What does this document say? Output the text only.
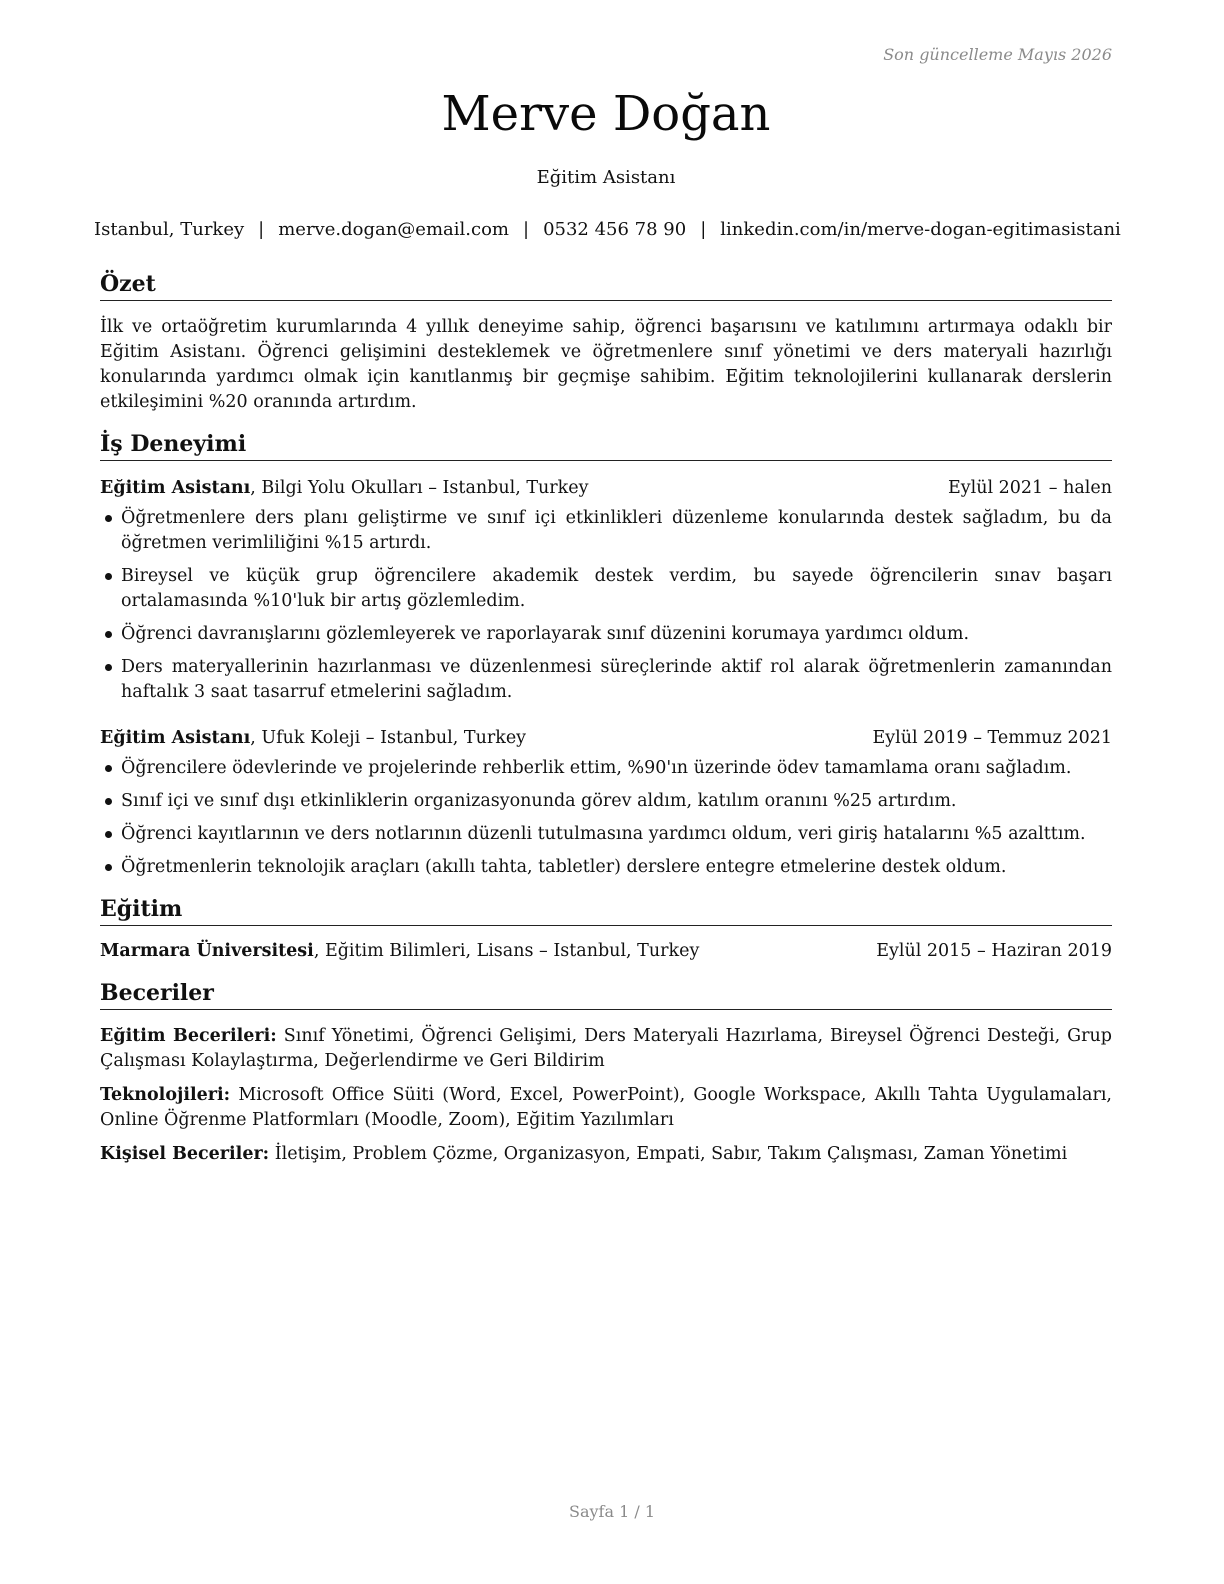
Son güncelleme Mayıs 2026
Merve Doğan
Eğitim Asistanı
Istanbul, Turkey | merve.dogan@email.com | 0532 456 78 90 | linkedin.com/in/merve-dogan-egitimasistani
Özet

İlk ve ortaöğretim kurumlarında 4 yıllık deneyime sahip, öğrenci başarısını ve katılımını artırmaya odaklı bir Eğitim Asistanı. Öğrenci gelişimini desteklemek ve öğretmenlere sınıf yönetimi ve ders materyali hazırlığı konularında yardımcı olmak için kanıtlanmış bir geçmişe sahibim. Eğitim teknolojilerini kullanarak derslerin etkileşimini %20 oranında artırdım.

İş Deneyimi
Eğitim Asistanı, Bilgi Yolu Okulları – Istanbul, Turkey	Eylül 2021 – halen
Öğretmenlere ders planı geliştirme ve sınıf içi etkinlikleri düzenleme konularında destek sağladım, bu da öğretmen verimliliğini %15 artırdı.
Bireysel ve küçük grup öğrencilere akademik destek verdim, bu sayede öğrencilerin sınav başarı ortalamasında %10'luk bir artış gözlemledim.
Öğrenci davranışlarını gözlemleyerek ve raporlayarak sınıf düzenini korumaya yardımcı oldum.
Ders materyallerinin hazırlanması ve düzenlenmesi süreçlerinde aktif rol alarak öğretmenlerin zamanından haftalık 3 saat tasarruf etmelerini sağladım.
Eğitim Asistanı, Ufuk Koleji – Istanbul, Turkey	Eylül 2019 – Temmuz 2021
Öğrencilere ödevlerinde ve projelerinde rehberlik ettim, %90'ın üzerinde ödev tamamlama oranı sağladım.
Sınıf içi ve sınıf dışı etkinliklerin organizasyonunda görev aldım, katılım oranını %25 artırdım.
Öğrenci kayıtlarının ve ders notlarının düzenli tutulmasına yardımcı oldum, veri giriş hatalarını %5 azalttım.
Öğretmenlerin teknolojik araçları (akıllı tahta, tabletler) derslere entegre etmelerine destek oldum.
Eğitim
Marmara Üniversitesi, Eğitim Bilimleri, Lisans – Istanbul, Turkey	Eylül 2015 – Haziran 2019
Beceriler

Eğitim Becerileri: Sınıf Yönetimi, Öğrenci Gelişimi, Ders Materyali Hazırlama, Bireysel Öğrenci Desteği, Grup Çalışması Kolaylaştırma, Değerlendirme ve Geri Bildirim

Teknolojileri: Microsoft Office Süiti (Word, Excel, PowerPoint), Google Workspace, Akıllı Tahta Uygulamaları, Online Öğrenme Platformları (Moodle, Zoom), Eğitim Yazılımları

Kişisel Beceriler: İletişim, Problem Çözme, Organizasyon, Empati, Sabır, Takım Çalışması, Zaman Yönetimi

Sayfa 1 / 1
